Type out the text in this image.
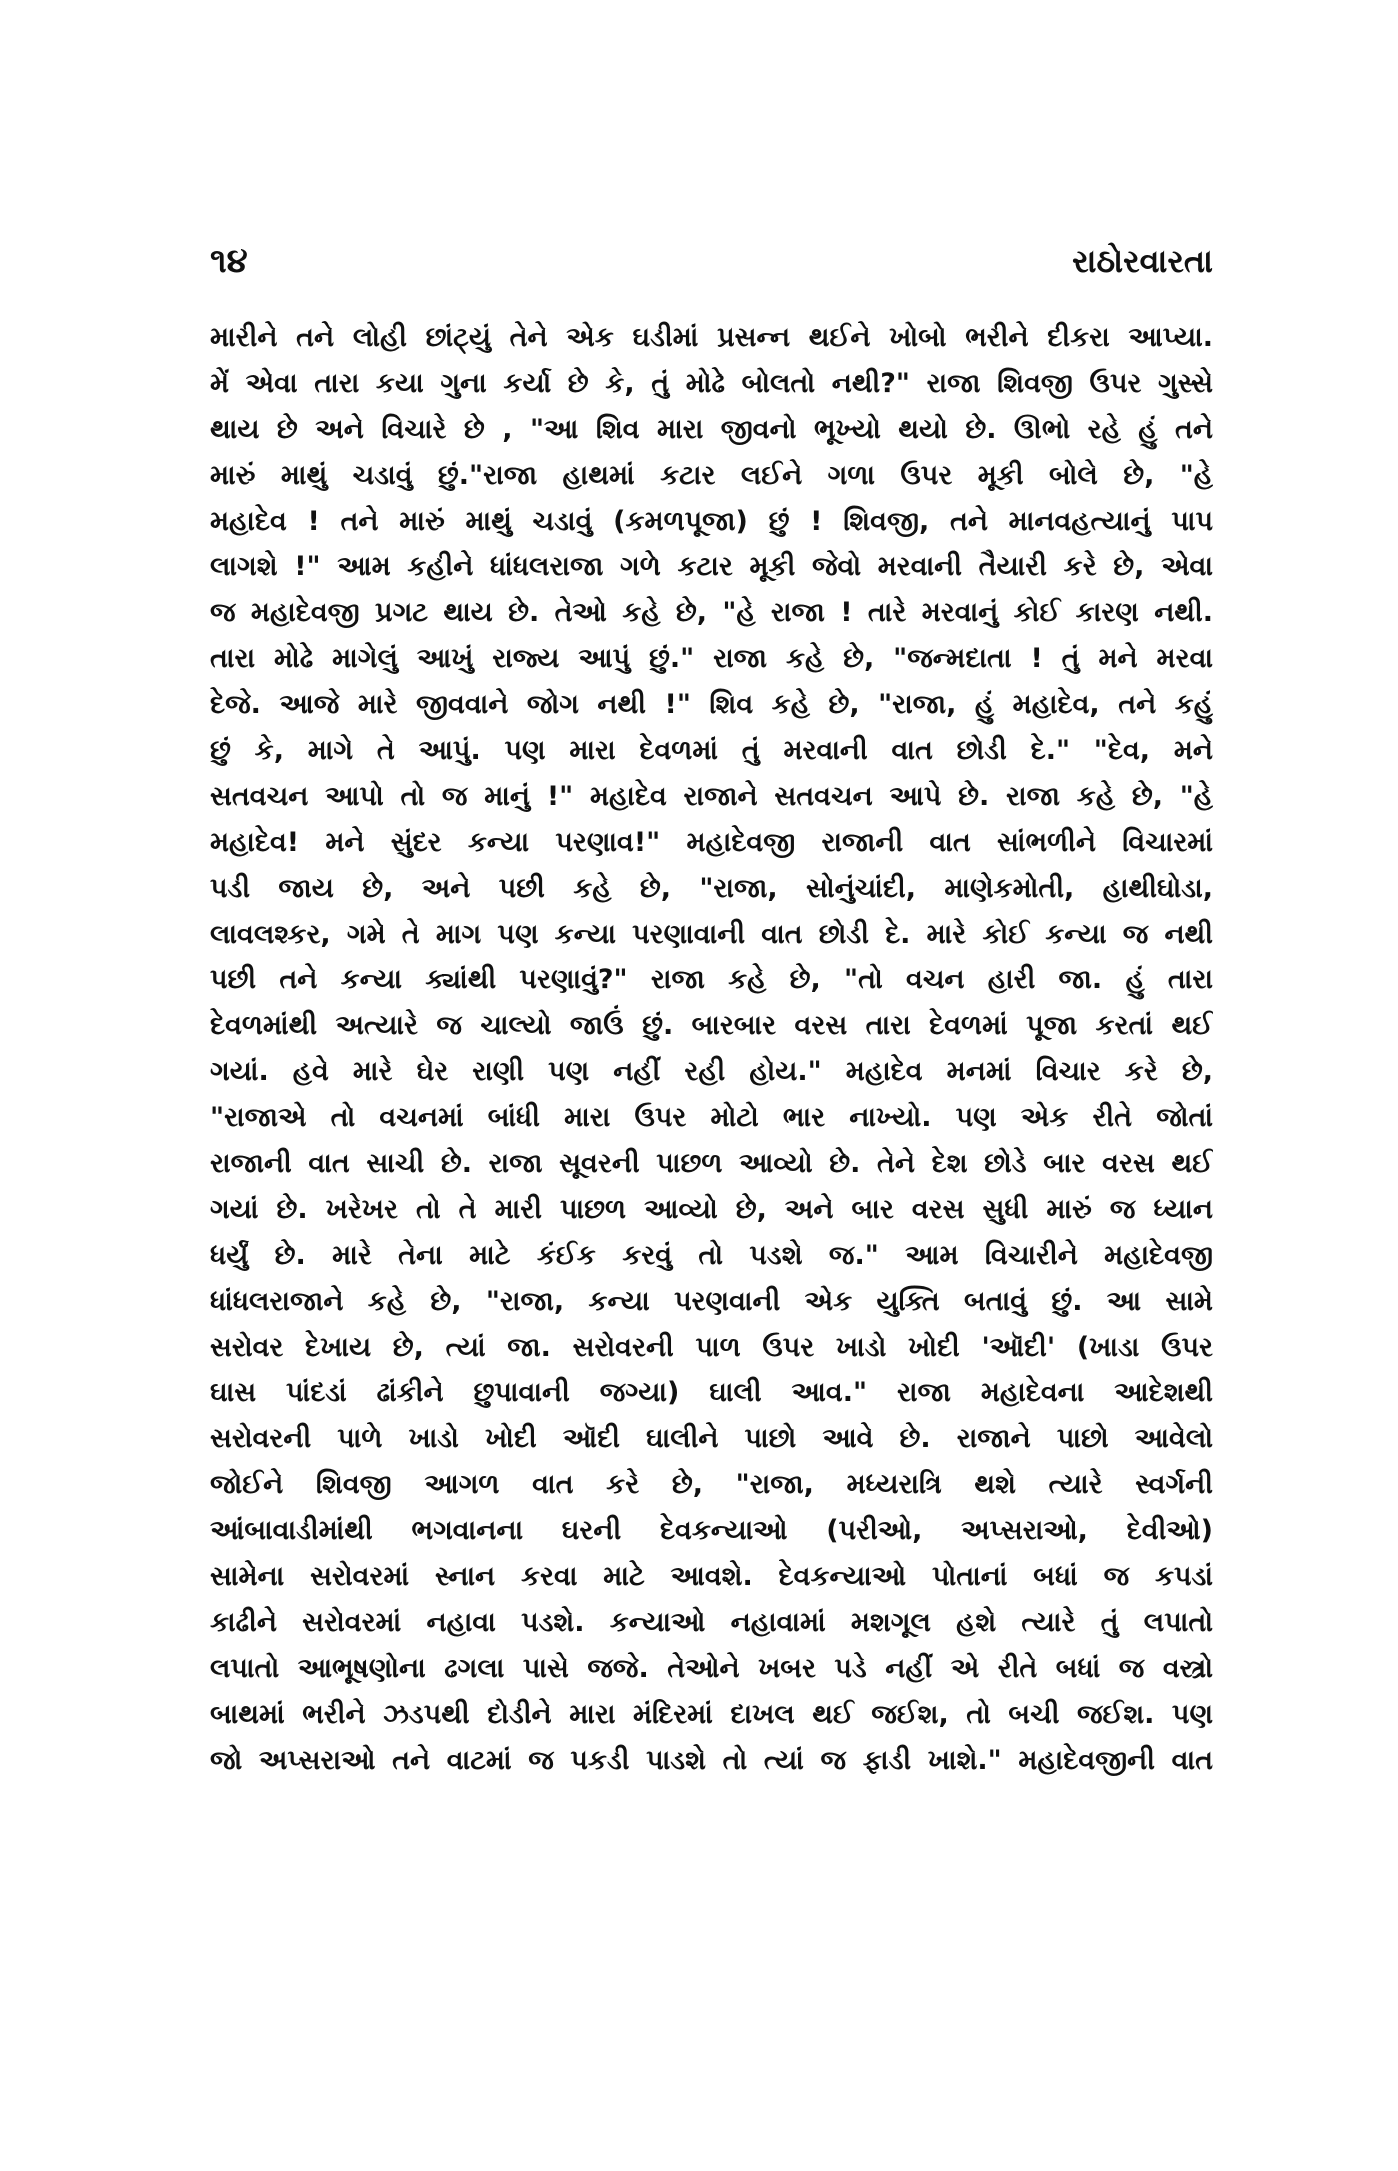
૧૪	રાઠોરવારતા
મારીને તને લોહી છાંટ્યું તેને એક ઘડીમાં પ્રસન્ન થઈને ખોબો ભરીને દીકરા આપ્યા.
મેં એવા તારા કયા ગુના કર્યા છે કે, તું મોઢે બોલતો નથી?" રાજા શિવજી ઉપર ગુસ્સે
થાય છે અને વિચારે છે , "આ શિવ મારા જીવનો ભૂખ્યો થયો છે. ઊભો રહે હું તને
મારું માથું ચડાવું છું."રાજા હાથમાં કટાર લઈને ગળા ઉપર મૂકી બોલે છે, "હે
મહાદેવ ! તને મારું માથું ચડાવું (કમળપૂજા) છું ! શિવજી, તને માનવહત્યાનું પાપ
લાગશે !" આમ કહીને ધાંધલરાજા ગળે કટાર મૂકી જેવો મરવાની તૈયારી કરે છે, એવા
જ મહાદેવજી પ્રગટ થાય છે. તેઓ કહે છે, "હે રાજા ! તારે મરવાનું કોઈ કારણ નથી.
તારા મોઢે માગેલું આખું રાજ્ય આપું છું." રાજા કહે છે, "જન્મદાતા ! તું મને મરવા
દેજે. આજે મારે જીવવાને જોગ નથી !" શિવ કહે છે, "રાજા, હું મહાદેવ, તને કહું
છું કે, માગે તે આપું. પણ મારા દેવળમાં તું મરવાની વાત છોડી દે." "દેવ, મને
સતવચન આપો તો જ માનું !" મહાદેવ રાજાને સતવચન આપે છે. રાજા કહે છે, "હે
મહાદેવ! મને સુંદર કન્યા પરણાવ!" મહાદેવજી રાજાની વાત સાંભળીને વિચારમાં
પડી જાય છે, અને પછી કહે છે, "રાજા, સોનુંચાંદી, માણેકમોતી, હાથીઘોડા,
લાવલશ્કર, ગમે તે માગ પણ કન્યા પરણાવાની વાત છોડી દે. મારે કોઈ કન્યા જ નથી
પછી તને કન્યા ક્યાંથી પરણાવું?" રાજા કહે છે, "તો વચન હારી જા. હું તારા
દેવળમાંથી અત્યારે જ ચાલ્યો જાઉં છું. બારબાર વરસ તારા દેવળમાં પૂજા કરતાં થઈ
ગયાં. હવે મારે ઘેર રાણી પણ નહીં રહી હોય." મહાદેવ મનમાં વિચાર કરે છે,
"રાજાએ તો વચનમાં બાંધી મારા ઉપર મોટો ભાર નાખ્યો. પણ એક રીતે જોતાં
રાજાની વાત સાચી છે. રાજા સૂવરની પાછળ આવ્યો છે. તેને દેશ છોડે બાર વરસ થઈ
ગયાં છે. ખરેખર તો તે મારી પાછળ આવ્યો છે, અને બાર વરસ સુધી મારું જ ધ્યાન
ધર્યું છે. મારે તેના માટે કંઈક કરવું તો પડશે જ." આમ વિચારીને મહાદેવજી
ધાંધલરાજાને કહે છે, "રાજા, કન્યા પરણવાની એક યુક્તિ બતાવું છું. આ સામે
સરોવર દેખાય છે, ત્યાં જા. સરોવરની પાળ ઉપર ખાડો ખોદી 'ઑદી' (ખાડા ઉપર
ઘાસ પાંદડાં ઢાંકીને છુપાવાની જગ્યા) ઘાલી આવ." રાજા મહાદેવના આદેશથી
સરોવરની પાળે ખાડો ખોદી ઑદી ઘાલીને પાછો આવે છે. રાજાને પાછો આવેલો
જોઈને શિવજી આગળ વાત કરે છે, "રાજા, મધ્યરાત્રિ થશે ત્યારે સ્વર્ગની
આંબાવાડીમાંથી ભગવાનના ઘરની દેવકન્યાઓ (પરીઓ, અપ્સરાઓ, દેવીઓ)
સામેના સરોવરમાં સ્નાન કરવા માટે આવશે. દેવકન્યાઓ પોતાનાં બધાં જ કપડાં
કાઢીને સરોવરમાં નહાવા પડશે. કન્યાઓ નહાવામાં મશગૂલ હશે ત્યારે તું લપાતો
લપાતો આભૂષણોના ઢગલા પાસે જજે. તેઓને ખબર પડે નહીં એ રીતે બધાં જ વસ્ત્રો
બાથમાં ભરીને ઝડપથી દોડીને મારા મંદિરમાં દાખલ થઈ જઈશ, તો બચી જઈશ. પણ
જો અપ્સરાઓ તને વાટમાં જ પકડી પાડશે તો ત્યાં જ ફાડી ખાશે." મહાદેવજીની વાત
